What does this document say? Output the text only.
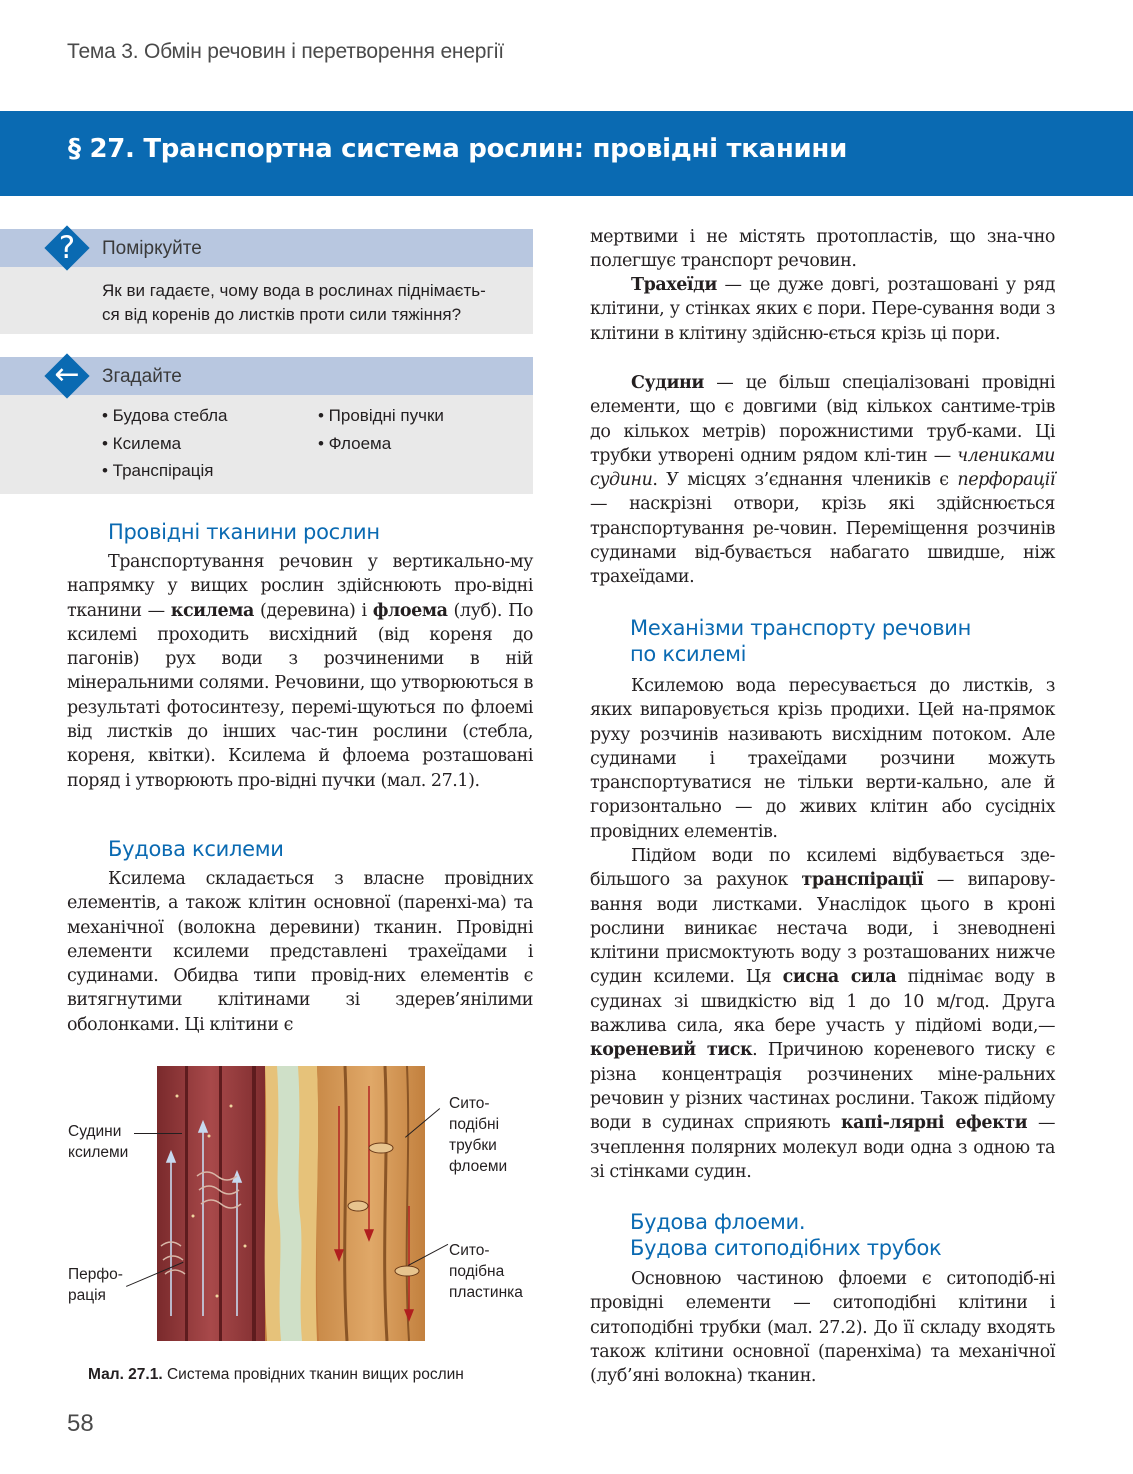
Тема 3. Обмін речовин і перетворення енергії
§ 27. Транспортна система рослин: провідні тканини
Як ви гадаєте, чому вода в рослинах піднімаєть-
ся від коренів до листків проти сили тяжіння?
?	Поміркуйте
←	Згадайте
• Будова стебла	• Провідні пучки
• Ксилема	• Флоема
• Транспірація
Провідні тканини рослин
Транспортування речовин у вертикально-му напрямку у вищих рослин здійснюють про-відні тканини — ксилема (деревина) і флоема (луб). По ксилемі проходить висхідний (від кореня до пагонів) рух води з розчиненими в ній мінеральними солями. Речовини, що утворюються в результаті фотосинтезу, перемі-щуються по флоемі від листків до інших час-тин рослини (стебла, кореня, квітки). Ксилема й флоема розташовані поряд і утворюють про-відні пучки (мал. 27.1).
Будова ксилеми
Ксилема складається з власне провідних елементів, а також клітин основної (паренхі-ма) та механічної (волокна деревини) тканин. Провідні елементи ксилеми представлені трахеїдами і судинами. Обидва типи провід-них елементів є витягнутими клітинами зі здерев’янілими оболонками. Ці клітини є
Судини
ксилеми
Перфо-
рація
Сито-
подібні
трубки
флоеми
Сито-
подібна
пластинка
Мал. 27.1. Система провідних тканин вищих рослин
мертвими і не містять протопластів, що зна-чно полегшує транспорт речовин.
Трахеїди — це дуже довгі, розташовані у ряд клітини, у стінках яких є пори. Пере-сування води з клітини в клітину здійсню-ється крізь ці пори.
Судини — це більш спеціалізовані провідні елементи, що є довгими (від кількох сантиме-трів до кількох метрів) порожнистими труб-ками. Ці трубки утворені одним рядом клі-тин — члениками судини. У місцях з’єднання члеників є перфорації — наскрізні отвори, крізь які здійснюється транспортування ре-човин. Переміщення розчинів судинами від-бувається набагато швидше, ніж трахеїдами.
Механізми транспорту речовин
по ксилемі
Ксилемою вода пересувається до листків, з яких випаровується крізь продихи. Цей на-прямок руху розчинів називають висхідним потоком. Але судинами і трахеїдами розчини можуть транспортуватися не тільки верти-кально, але й горизонтально — до живих клітин або сусідніх провідних елементів.
Підйом води по ксилемі відбувається зде-більшого за рахунок транспірації — випарову-вання води листками. Унаслідок цього в кроні рослини виникає нестача води, і зневоднені клітини присмоктують воду з розташованих нижче судин ксилеми. Ця сисна сила піднімає воду в судинах зі швидкістю від 1 до 10 м/год. Друга важлива сила, яка бере участь у підйомі води,— кореневий тиск. Причиною кореневого тиску є різна концентрація розчинених міне-ральних речовин у різних частинах рослини. Також підйому води в судинах сприяють капі-лярні ефекти — зчеплення полярних молекул води одна з одною та зі стінками судин.
Будова флоеми.
Будова ситоподібних трубок
Основною частиною флоеми є ситоподіб-ні провідні елементи — ситоподібні клітини і ситоподібні трубки (мал. 27.2). До її складу входять також клітини основної (паренхіма) та механічної (луб’яні волокна) тканин.
58
